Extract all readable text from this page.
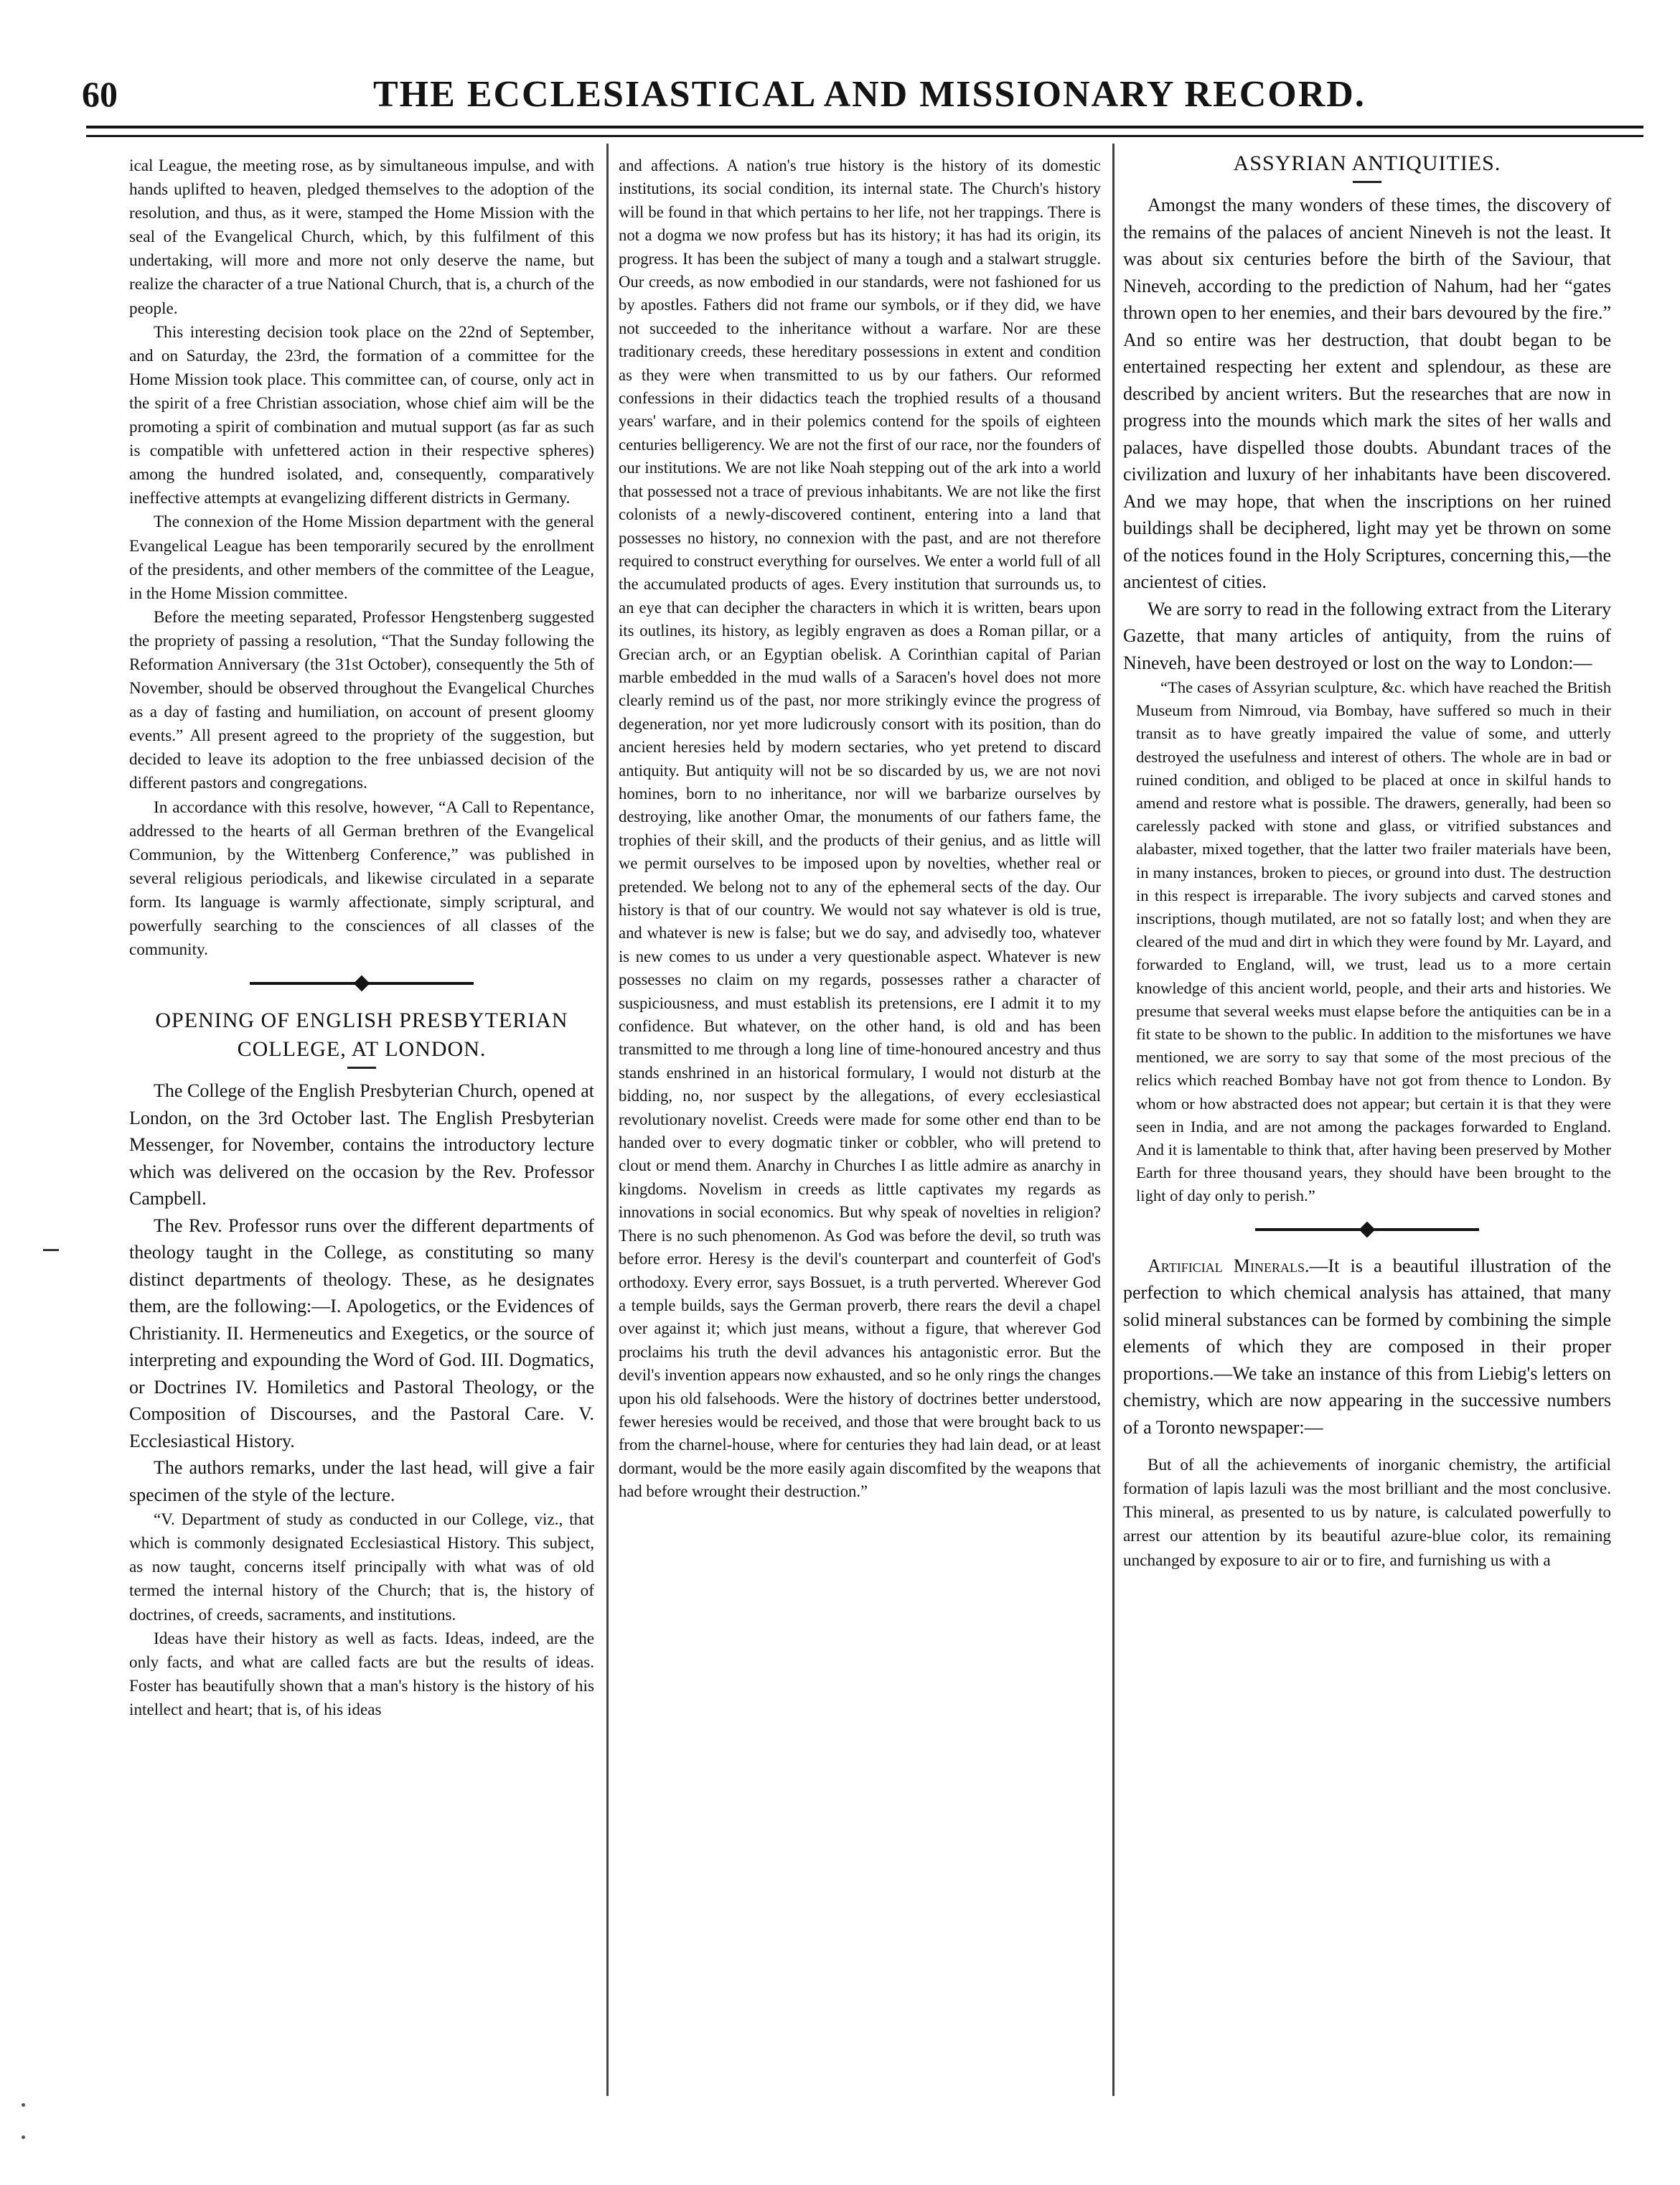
60	THE ECCLESIASTICAL AND MISSIONARY RECORD.

ical League, the meeting rose, as by simultaneous impulse, and with hands uplifted to heaven, pledged themselves to the adoption of the resolution, and thus, as it were, stamped the Home Mission with the seal of the Evangelical Church, which, by this fulfilment of this undertaking, will more and more not only deserve the name, but realize the character of a true National Church, that is, a church of the people.

This interesting decision took place on the 22nd of September, and on Saturday, the 23rd, the formation of a committee for the Home Mission took place. This committee can, of course, only act in the spirit of a free Christian association, whose chief aim will be the promoting a spirit of combination and mutual support (as far as such is compatible with unfettered action in their respective spheres) among the hundred isolated, and, consequently, comparatively ineffective attempts at evangelizing different districts in Germany.

The connexion of the Home Mission department with the general Evangelical League has been temporarily secured by the enrollment of the presidents, and other members of the committee of the League, in the Home Mission committee.

Before the meeting separated, Professor Hengstenberg suggested the propriety of passing a resolution, “That the Sunday following the Reformation Anniversary (the 31st October), consequently the 5th of November, should be observed throughout the Evangelical Churches as a day of fasting and humiliation, on account of present gloomy events.” All present agreed to the propriety of the suggestion, but decided to leave its adoption to the free unbiassed decision of the different pastors and congregations.

In accordance with this resolve, however, “A Call to Repentance, addressed to the hearts of all German brethren of the Evangelical Communion, by the Wittenberg Conference,” was published in several religious periodicals, and likewise circulated in a separate form. Its language is warmly affectionate, simply scriptural, and powerfully searching to the consciences of all classes of the community.

OPENING OF ENGLISH PRESBYTERIAN COLLEGE, AT LONDON.

The College of the English Presbyterian Church, opened at London, on the 3rd October last. The English Presbyterian Messenger, for November, contains the introductory lecture which was delivered on the occasion by the Rev. Professor Campbell.

The Rev. Professor runs over the different departments of theology taught in the College, as constituting so many distinct departments of theology. These, as he designates them, are the following:—I. Apologetics, or the Evidences of Christianity. II. Hermeneutics and Exegetics, or the source of interpreting and expounding the Word of God. III. Dogmatics, or Doctrines IV. Homiletics and Pastoral Theology, or the Composition of Discourses, and the Pastoral Care. V. Ecclesiastical History.

The authors remarks, under the last head, will give a fair specimen of the style of the lecture.

“V. Department of study as conducted in our College, viz., that which is commonly designated Ecclesiastical History. This subject, as now taught, concerns itself principally with what was of old termed the internal history of the Church; that is, the history of doctrines, of creeds, sacraments, and institutions.

Ideas have their history as well as facts. Ideas, indeed, are the only facts, and what are called facts are but the results of ideas. Foster has beautifully shown that a man's history is the history of his intellect and heart; that is, of his ideas

and affections. A nation's true history is the history of its domestic institutions, its social condition, its internal state. The Church's history will be found in that which pertains to her life, not her trappings. There is not a dogma we now profess but has its history; it has had its origin, its progress. It has been the subject of many a tough and a stalwart struggle. Our creeds, as now embodied in our standards, were not fashioned for us by apostles. Fathers did not frame our symbols, or if they did, we have not succeeded to the inheritance without a warfare. Nor are these traditionary creeds, these hereditary possessions in extent and condition as they were when transmitted to us by our fathers. Our reformed confessions in their didactics teach the trophied results of a thousand years' warfare, and in their polemics contend for the spoils of eighteen centuries belligerency. We are not the first of our race, nor the founders of our institutions. We are not like Noah stepping out of the ark into a world that possessed not a trace of previous inhabitants. We are not like the first colonists of a newly-discovered continent, entering into a land that possesses no history, no connexion with the past, and are not therefore required to construct everything for ourselves. We enter a world full of all the accumulated products of ages. Every institution that surrounds us, to an eye that can decipher the characters in which it is written, bears upon its outlines, its history, as legibly engraven as does a Roman pillar, or a Grecian arch, or an Egyptian obelisk. A Corinthian capital of Parian marble embedded in the mud walls of a Saracen's hovel does not more clearly remind us of the past, nor more strikingly evince the progress of degeneration, nor yet more ludicrously consort with its position, than do ancient heresies held by modern sectaries, who yet pretend to discard antiquity. But antiquity will not be so discarded by us, we are not novi homines, born to no inheritance, nor will we barbarize ourselves by destroying, like another Omar, the monuments of our fathers fame, the trophies of their skill, and the products of their genius, and as little will we permit ourselves to be imposed upon by novelties, whether real or pretended. We belong not to any of the ephemeral sects of the day. Our history is that of our country. We would not say whatever is old is true, and whatever is new is false; but we do say, and advisedly too, whatever is new comes to us under a very questionable aspect. Whatever is new possesses no claim on my regards, possesses rather a character of suspiciousness, and must establish its pretensions, ere I admit it to my confidence. But whatever, on the other hand, is old and has been transmitted to me through a long line of time-honoured ancestry and thus stands enshrined in an historical formulary, I would not disturb at the bidding, no, nor suspect by the allegations, of every ecclesiastical revolutionary novelist. Creeds were made for some other end than to be handed over to every dogmatic tinker or cobbler, who will pretend to clout or mend them. Anarchy in Churches I as little admire as anarchy in kingdoms. Novelism in creeds as little captivates my regards as innovations in social economics. But why speak of novelties in religion? There is no such phenomenon. As God was before the devil, so truth was before error. Heresy is the devil's counterpart and counterfeit of God's orthodoxy. Every error, says Bossuet, is a truth perverted. Wherever God a temple builds, says the German proverb, there rears the devil a chapel over against it; which just means, without a figure, that wherever God proclaims his truth the devil advances his antagonistic error. But the devil's invention appears now exhausted, and so he only rings the changes upon his old falsehoods. Were the history of doctrines better understood, fewer heresies would be received, and those that were brought back to us from the charnel-house, where for centuries they had lain dead, or at least dormant, would be the more easily again discomfited by the weapons that had before wrought their destruction.”

ASSYRIAN ANTIQUITIES.

Amongst the many wonders of these times, the discovery of the remains of the palaces of ancient Nineveh is not the least. It was about six centuries before the birth of the Saviour, that Nineveh, according to the prediction of Nahum, had her “gates thrown open to her enemies, and their bars devoured by the fire.” And so entire was her destruction, that doubt began to be entertained respecting her extent and splendour, as these are described by ancient writers. But the researches that are now in progress into the mounds which mark the sites of her walls and palaces, have dispelled those doubts. Abundant traces of the civilization and luxury of her inhabitants have been discovered. And we may hope, that when the inscriptions on her ruined buildings shall be deciphered, light may yet be thrown on some of the notices found in the Holy Scriptures, concerning this,—the ancientest of cities.

We are sorry to read in the following extract from the Literary Gazette, that many articles of antiquity, from the ruins of Nineveh, have been destroyed or lost on the way to London:—

“The cases of Assyrian sculpture, &c. which have reached the British Museum from Nimroud, via Bombay, have suffered so much in their transit as to have greatly impaired the value of some, and utterly destroyed the usefulness and interest of others. The whole are in bad or ruined condition, and obliged to be placed at once in skilful hands to amend and restore what is possible. The drawers, generally, had been so carelessly packed with stone and glass, or vitrified substances and alabaster, mixed together, that the latter two frailer materials have been, in many instances, broken to pieces, or ground into dust. The destruction in this respect is irreparable. The ivory subjects and carved stones and inscriptions, though mutilated, are not so fatally lost; and when they are cleared of the mud and dirt in which they were found by Mr. Layard, and forwarded to England, will, we trust, lead us to a more certain knowledge of this ancient world, people, and their arts and histories. We presume that several weeks must elapse before the antiquities can be in a fit state to be shown to the public. In addition to the misfortunes we have mentioned, we are sorry to say that some of the most precious of the relics which reached Bombay have not got from thence to London. By whom or how abstracted does not appear; but certain it is that they were seen in India, and are not among the packages forwarded to England. And it is lamentable to think that, after having been preserved by Mother Earth for three thousand years, they should have been brought to the light of day only to perish.”

Artificial Minerals.—It is a beautiful illustration of the perfection to which chemical analysis has attained, that many solid mineral substances can be formed by combining the simple elements of which they are composed in their proper proportions.—We take an instance of this from Liebig's letters on chemistry, which are now appearing in the successive numbers of a Toronto newspaper:—

But of all the achievements of inorganic chemistry, the artificial formation of lapis lazuli was the most brilliant and the most conclusive. This mineral, as presented to us by nature, is calculated powerfully to arrest our attention by its beautiful azure-blue color, its remaining unchanged by exposure to air or to fire, and furnishing us with a
